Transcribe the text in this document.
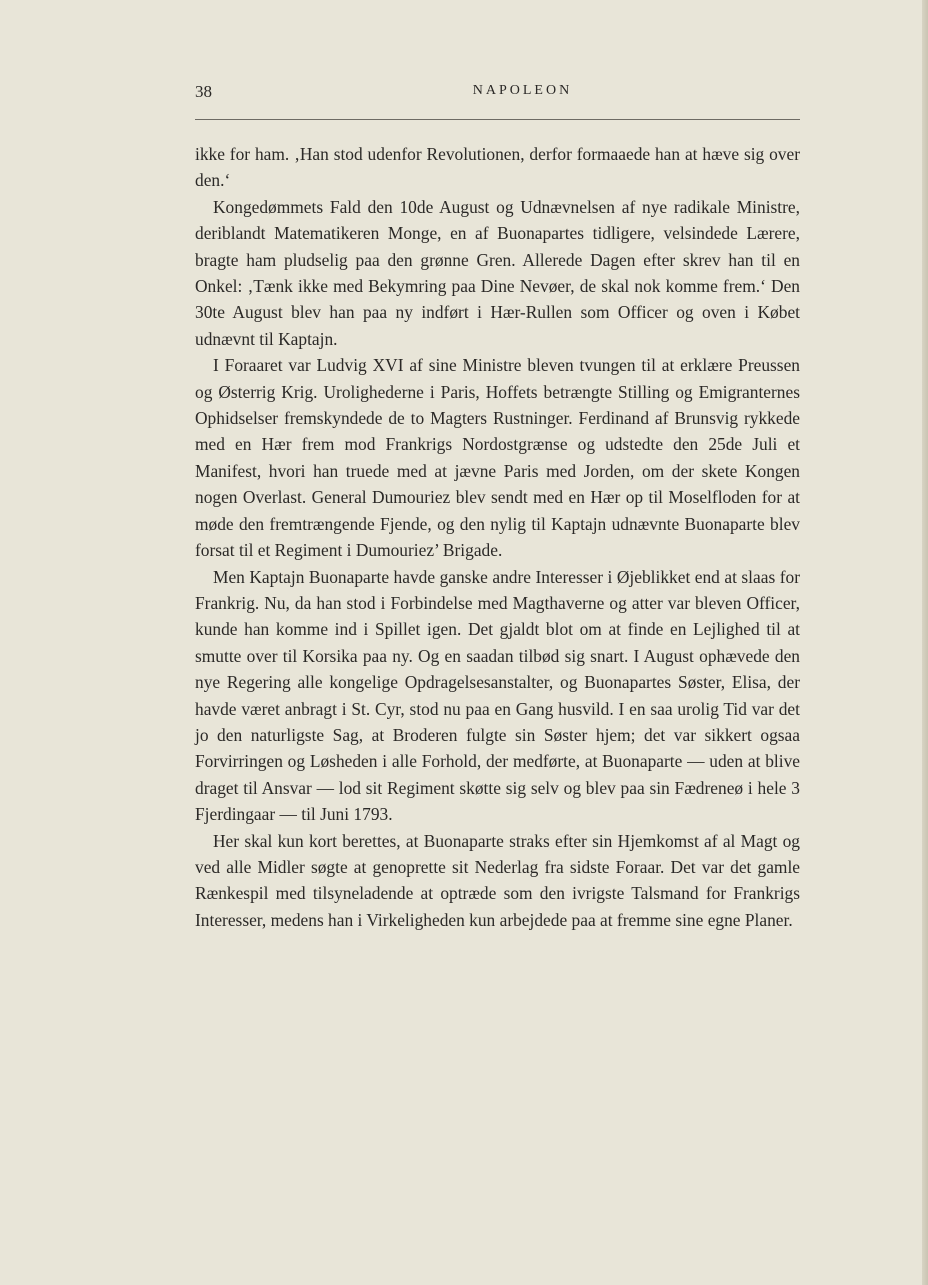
38	NAPOLEON

ikke for ham. ‚Han stod udenfor Revolutionen, derfor formaaede han at hæve sig over den.‘

Kongedømmets Fald den 10de August og Udnævnelsen af nye radikale Ministre, deriblandt Matematikeren Monge, en af Buonapartes tidligere, velsindede Lærere, bragte ham pludselig paa den grønne Gren. Allerede Dagen efter skrev han til en Onkel: ‚Tænk ikke med Bekymring paa Dine Nevøer, de skal nok komme frem.‘ Den 30te August blev han paa ny indført i Hær-Rullen som Officer og oven i Købet udnævnt til Kaptajn.

I Foraaret var Ludvig XVI af sine Ministre bleven tvungen til at erklære Preussen og Østerrig Krig. Urolighederne i Paris, Hoffets betrængte Stilling og Emigranternes Ophidselser fremskyndede de to Magters Rustninger. Ferdinand af Brunsvig rykkede med en Hær frem mod Frankrigs Nordostgrænse og udstedte den 25de Juli et Manifest, hvori han truede med at jævne Paris med Jorden, om der skete Kongen nogen Overlast. General Dumouriez blev sendt med en Hær op til Moselfloden for at møde den fremtrængende Fjende, og den nylig til Kaptajn udnævnte Buonaparte blev forsat til et Regiment i Dumouriez’ Brigade.

Men Kaptajn Buonaparte havde ganske andre Interesser i Øjeblikket end at slaas for Frankrig. Nu, da han stod i Forbindelse med Magthaverne og atter var bleven Officer, kunde han komme ind i Spillet igen. Det gjaldt blot om at finde en Lejlighed til at smutte over til Korsika paa ny. Og en saadan tilbød sig snart. I August ophævede den nye Regering alle kongelige Opdragelsesanstalter, og Buonapartes Søster, Elisa, der havde været anbragt i St. Cyr, stod nu paa en Gang husvild. I en saa urolig Tid var det jo den naturligste Sag, at Broderen fulgte sin Søster hjem; det var sikkert ogsaa Forvirringen og Løsheden i alle Forhold, der medførte, at Buonaparte — uden at blive draget til Ansvar — lod sit Regiment skøtte sig selv og blev paa sin Fædreneø i hele 3 Fjerdingaar — til Juni 1793.

Her skal kun kort berettes, at Buonaparte straks efter sin Hjemkomst af al Magt og ved alle Midler søgte at genoprette sit Nederlag fra sidste Foraar. Det var det gamle Rænkespil med tilsyneladende at optræde som den ivrigste Talsmand for Frankrigs Interesser, medens han i Virkeligheden kun arbejdede paa at fremme sine egne Planer.
